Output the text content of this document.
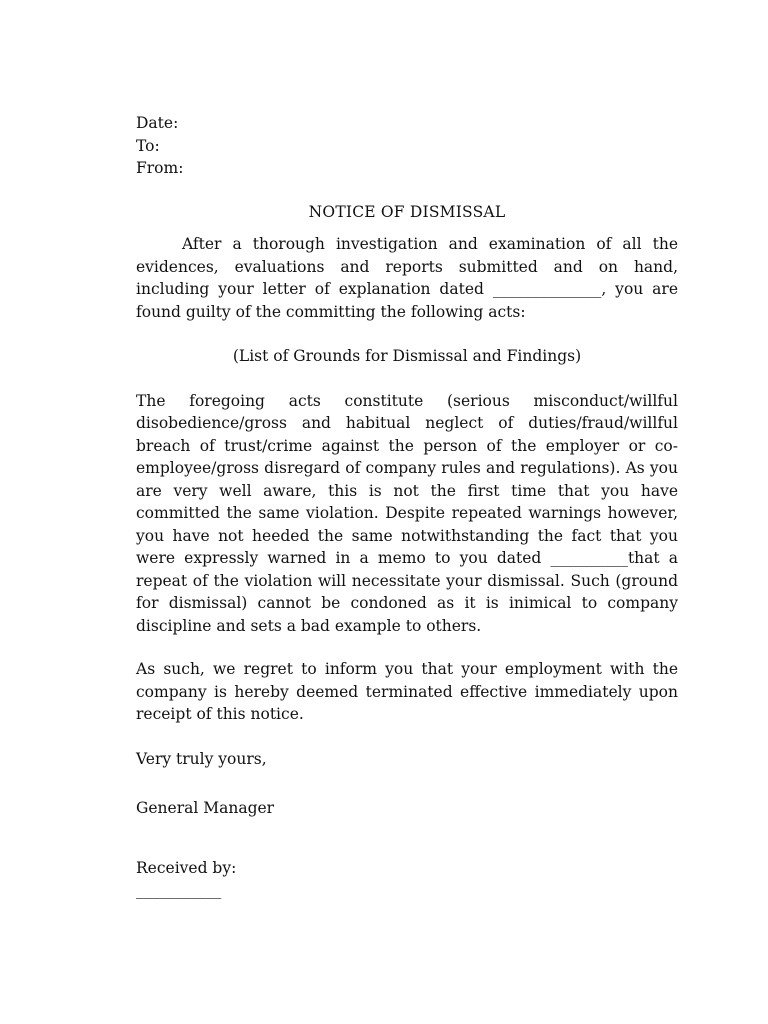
Date:

To:

From:

NOTICE OF DISMISSAL

After a thorough investigation and examination of all the evidences, evaluations and reports submitted and on hand, including your letter of explanation dated ______________, you are found guilty of the committing the following acts:

(List of Grounds for Dismissal and Findings)

The foregoing acts constitute (serious misconduct/willful disobedience/gross and habitual neglect of duties/fraud/willful breach of trust/crime against the person of the employer or co-employee/gross disregard of company rules and regulations). As you are very well aware, this is not the first time that you have committed the same violation. Despite repeated warnings however, you have not heeded the same notwithstanding the fact that you were expressly warned in a memo to you dated __________that a repeat of the violation will necessitate your dismissal. Such (ground for dismissal) cannot be condoned as it is inimical to company discipline and sets a bad example to others.

As such, we regret to inform you that your employment with the company is hereby deemed terminated effective immediately upon receipt of this notice.

Very truly yours,

General Manager

Received by:

___________
